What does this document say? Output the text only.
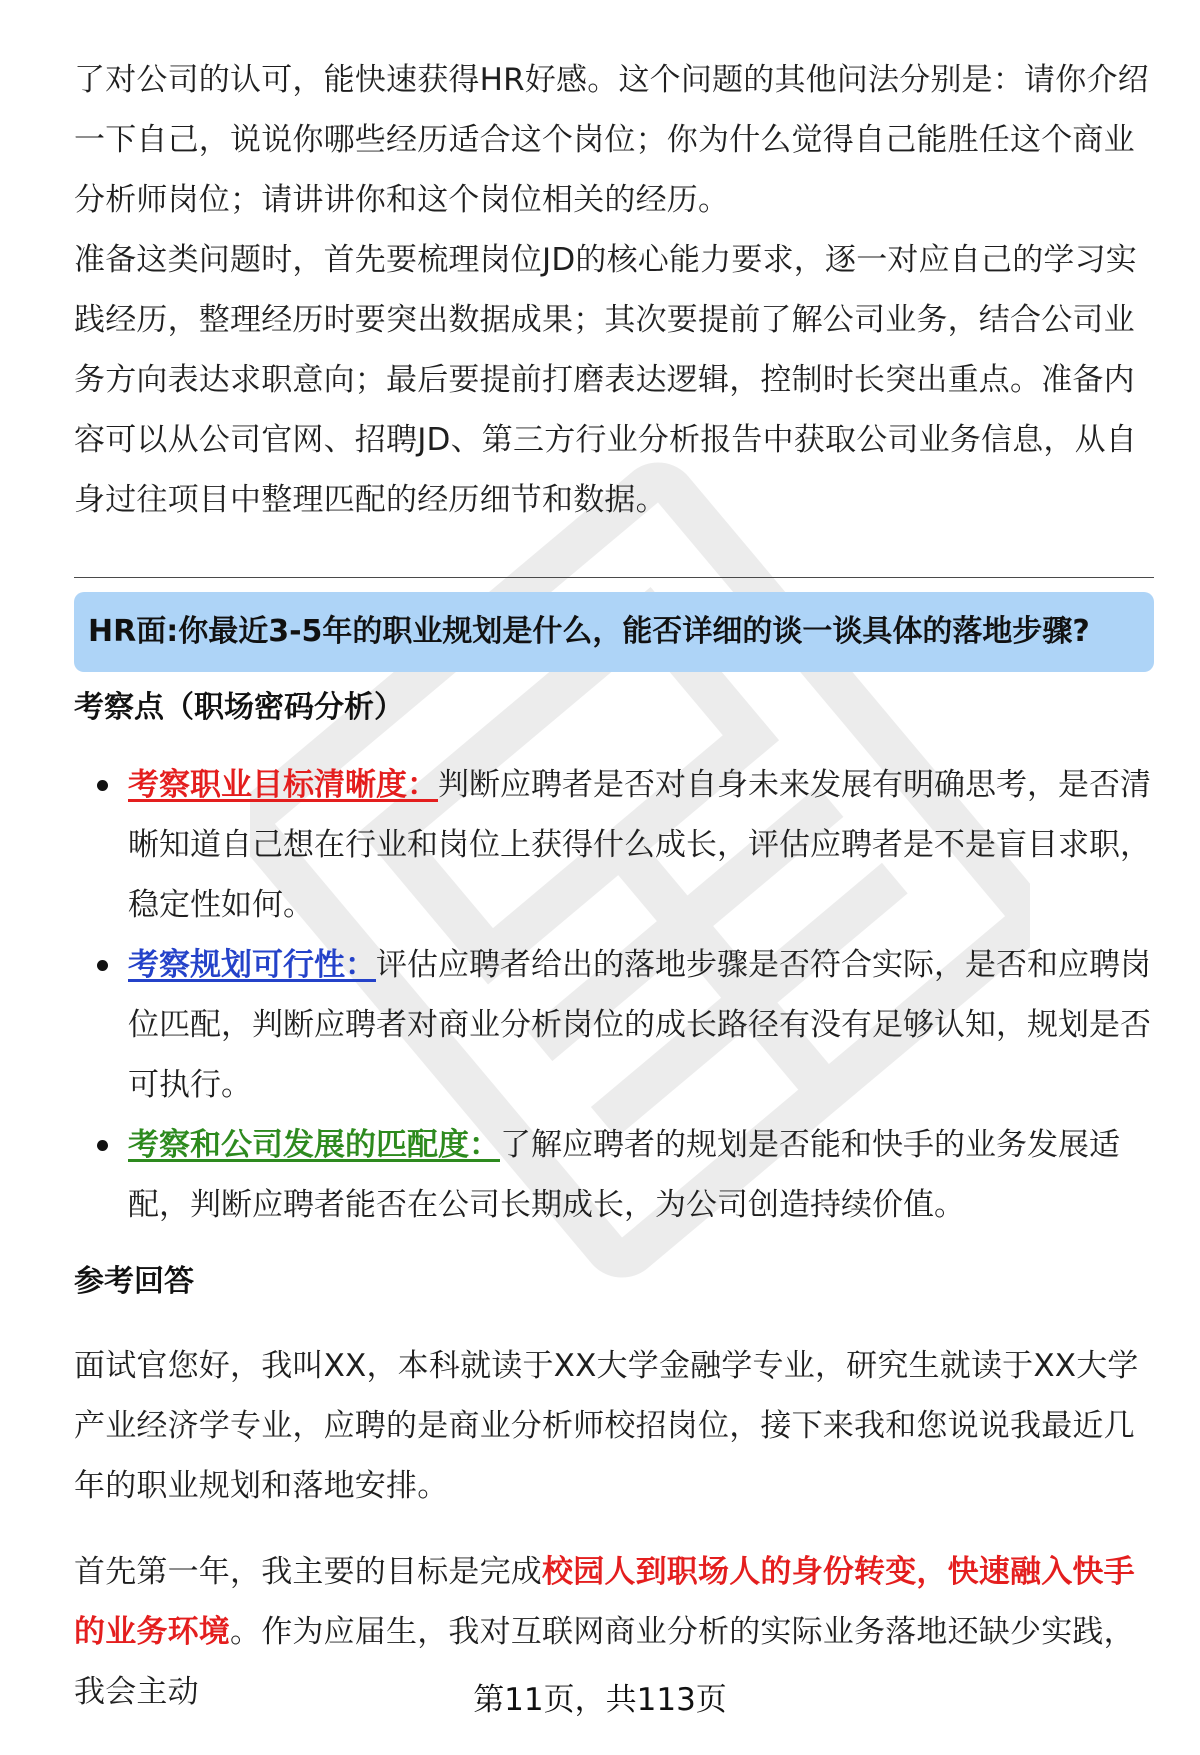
了对公司的认可，能快速获得HR好感。这个问题的其他问法分别是：请你介绍一下自己，说说你哪些经历适合这个岗位；你为什么觉得自己能胜任这个商业分析师岗位；请讲讲你和这个岗位相关的经历。

准备这类问题时，首先要梳理岗位JD的核心能力要求，逐一对应自己的学习实践经历，整理经历时要突出数据成果；其次要提前了解公司业务，结合公司业务方向表达求职意向；最后要提前打磨表达逻辑，控制时长突出重点。准备内容可以从公司官网、招聘JD、第三方行业分析报告中获取公司业务信息，从自身过往项目中整理匹配的经历细节和数据。

HR面:你最近3-5年的职业规划是什么，能否详细的谈一谈具体的落地步骤?
考察点（职场密码分析）
考察职业目标清晰度：判断应聘者是否对自身未来发展有明确思考，是否清晰知道自己想在行业和岗位上获得什么成长，评估应聘者是不是盲目求职，稳定性如何。
考察规划可行性：评估应聘者给出的落地步骤是否符合实际，是否和应聘岗位匹配，判断应聘者对商业分析岗位的成长路径有没有足够认知，规划是否可执行。
考察和公司发展的匹配度：了解应聘者的规划是否能和快手的业务发展适配，判断应聘者能否在公司长期成长，为公司创造持续价值。
参考回答

面试官您好，我叫XX，本科就读于XX大学金融学专业，研究生就读于XX大学产业经济学专业，应聘的是商业分析师校招岗位，接下来我和您说说我最近几年的职业规划和落地安排。

首先第一年，我主要的目标是完成校园人到职场人的身份转变，快速融入快手的业务环境。作为应届生，我对互联网商业分析的实际业务落地还缺少实践，我会主动	第11页，共113页
